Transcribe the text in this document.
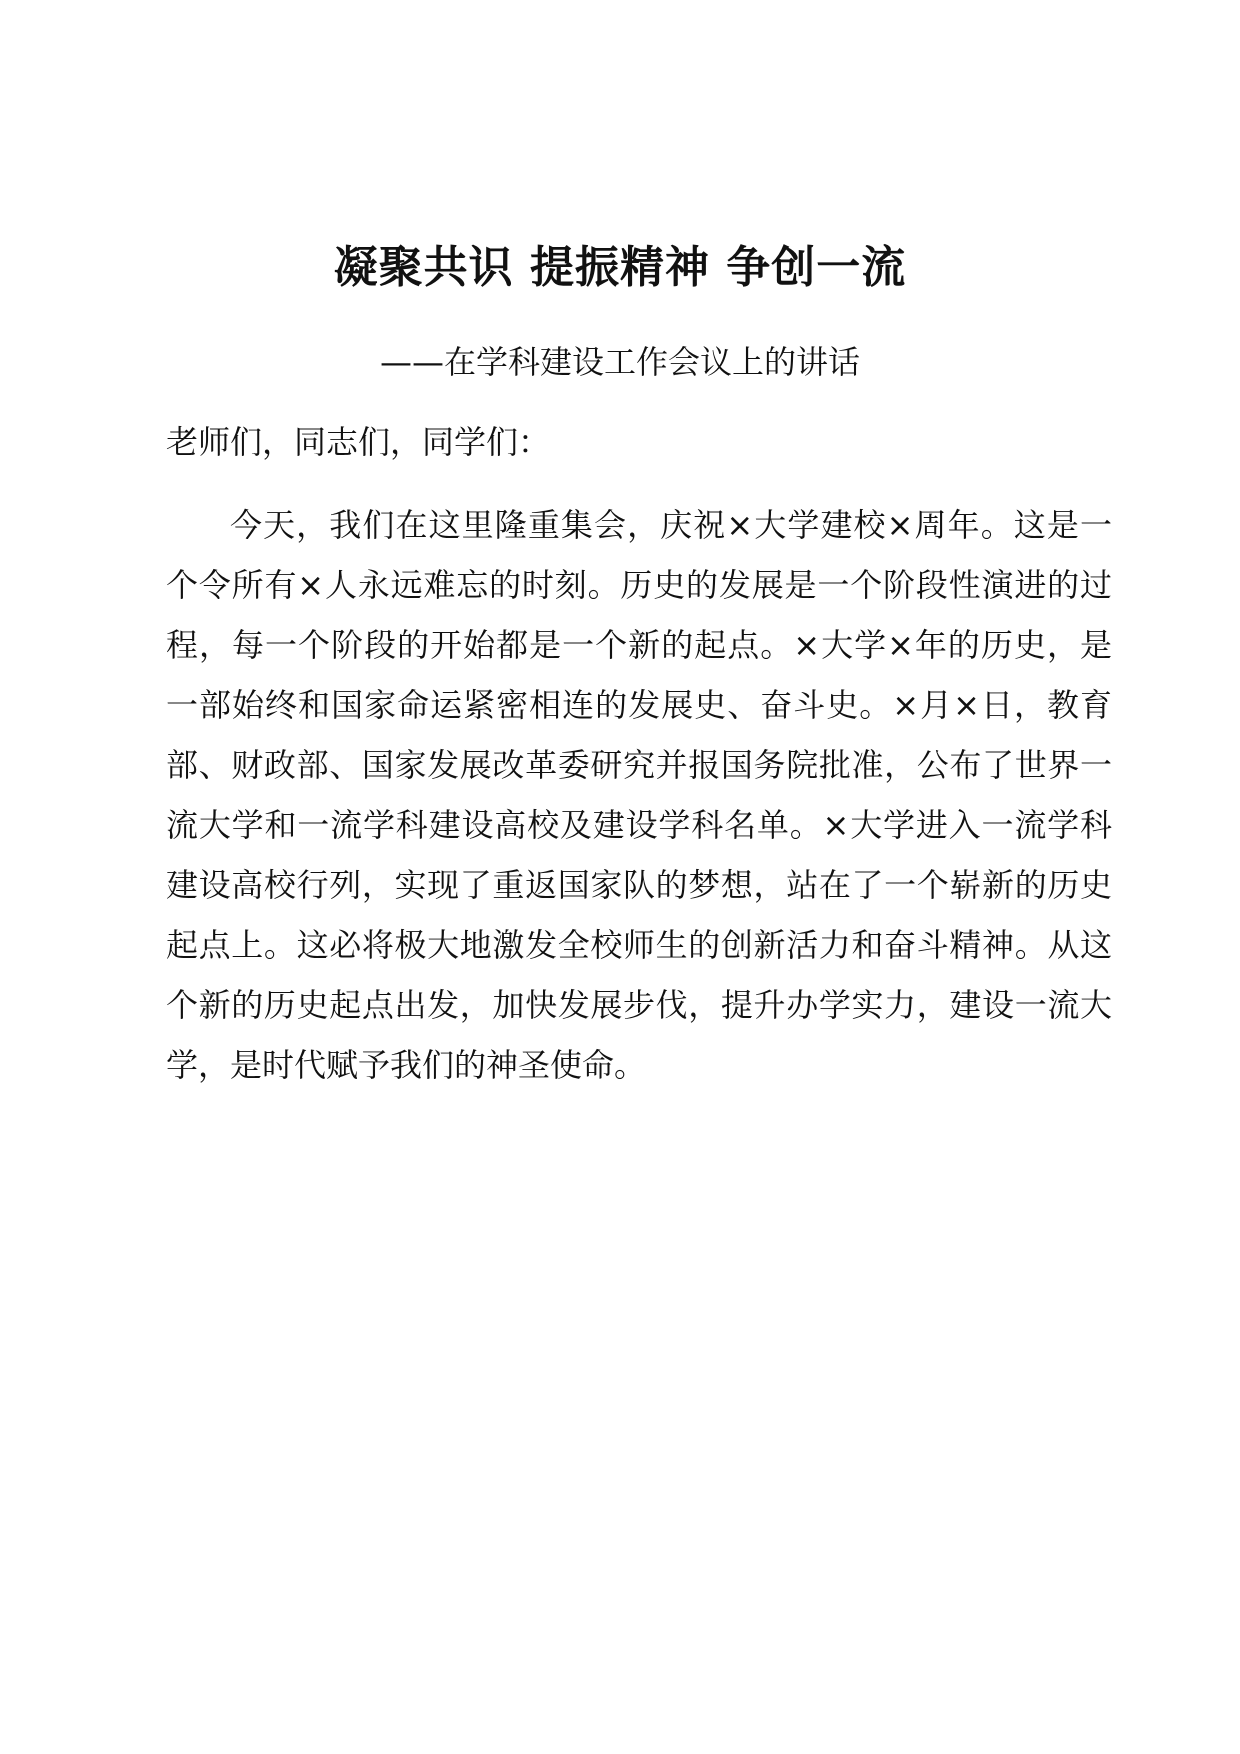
凝聚共识 提振精神 争创一流

——在学科建设工作会议上的讲话

老师们，同志们，同学们：

今天，我们在这里隆重集会，庆祝×大学建校×周年。这是一个令所有×人永远难忘的时刻。历史的发展是一个阶段性演进的过程，每一个阶段的开始都是一个新的起点。×大学×年的历史，是一部始终和国家命运紧密相连的发展史、奋斗史。×月×日，教育部、财政部、国家发展改革委研究并报国务院批准，公布了世界一流大学和一流学科建设高校及建设学科名单。×大学进入一流学科建设高校行列，实现了重返国家队的梦想，站在了一个崭新的历史起点上。这必将极大地激发全校师生的创新活力和奋斗精神。从这个新的历史起点出发，加快发展步伐，提升办学实力，建设一流大学，是时代赋予我们的神圣使命。
